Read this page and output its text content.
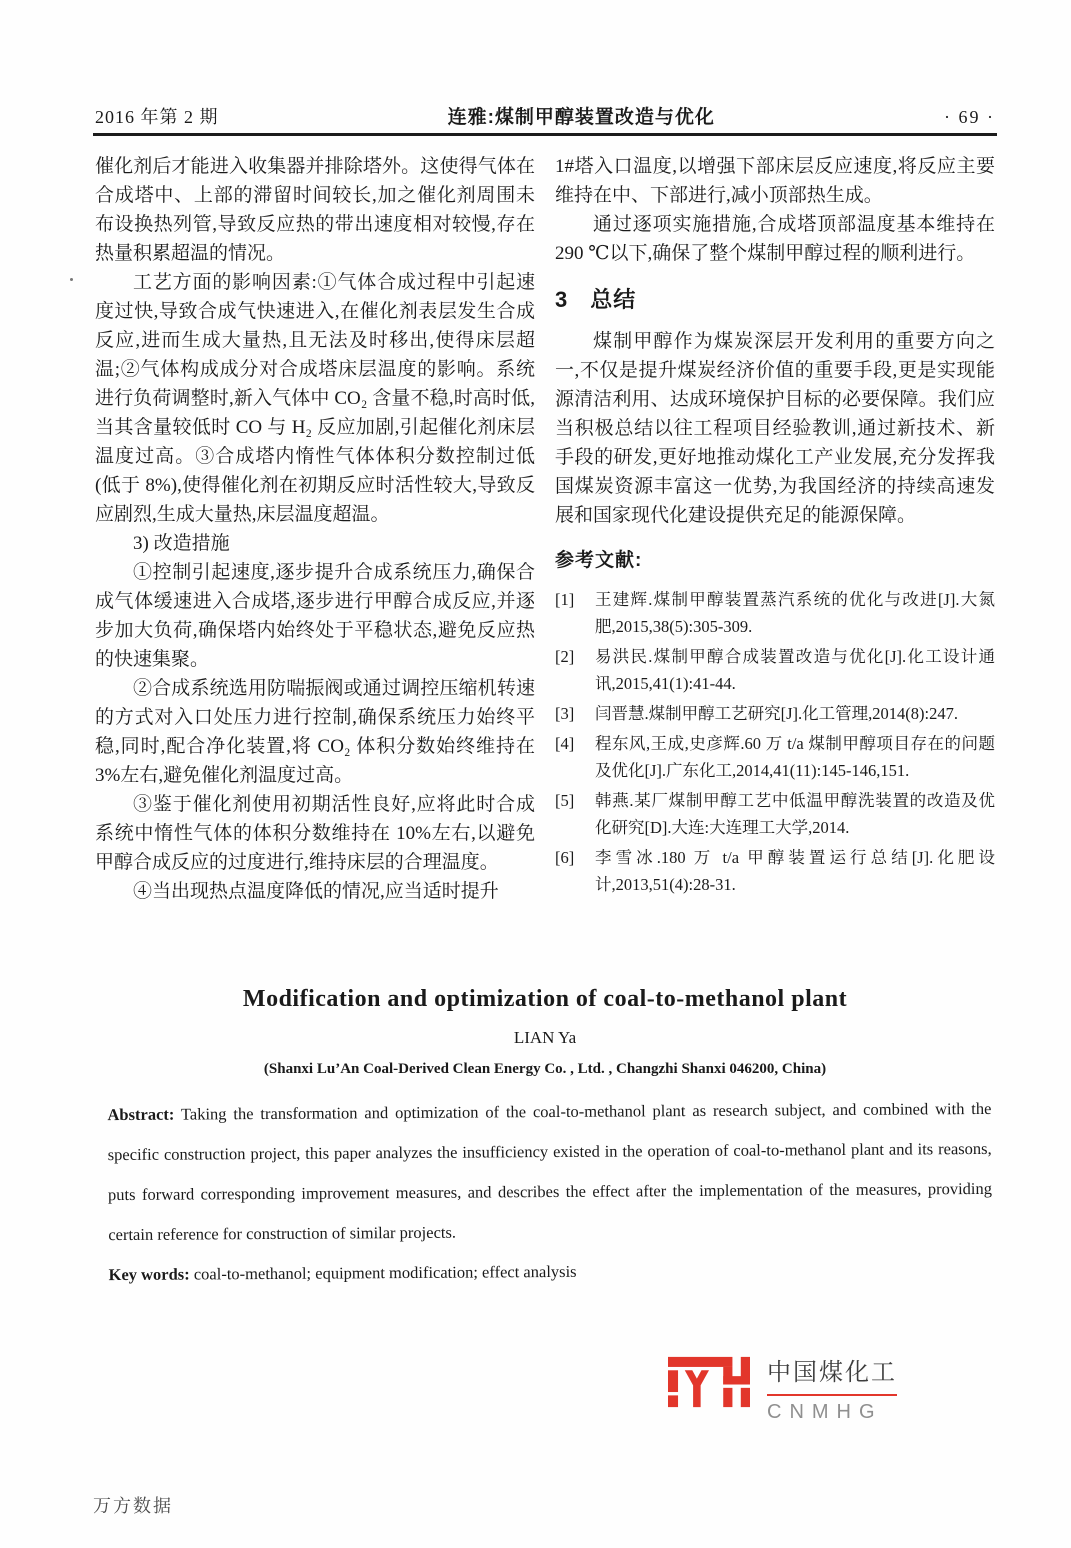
2016 年第 2 期	连雅:煤制甲醇装置改造与优化	· 69 ·

催化剂后才能进入收集器并排除塔外。这使得气体在合成塔中、上部的滞留时间较长,加之催化剂周围未布设换热列管,导致反应热的带出速度相对较慢,存在热量积累超温的情况。

工艺方面的影响因素:①气体合成过程中引起速度过快,导致合成气快速进入,在催化剂表层发生合成反应,进而生成大量热,且无法及时移出,使得床层超温;②气体构成成分对合成塔床层温度的影响。系统进行负荷调整时,新入气体中 CO₂ 含量不稳,时高时低,当其含量较低时 CO 与 H₂ 反应加剧,引起催化剂床层温度过高。③合成塔内惰性气体体积分数控制过低(低于 8%),使得催化剂在初期反应时活性较大,导致反应剧烈,生成大量热,床层温度超温。

3) 改造措施

①控制引起速度,逐步提升合成系统压力,确保合成气体缓速进入合成塔,逐步进行甲醇合成反应,并逐步加大负荷,确保塔内始终处于平稳状态,避免反应热的快速集聚。

②合成系统选用防喘振阀或通过调控压缩机转速的方式对入口处压力进行控制,确保系统压力始终平稳,同时,配合净化装置,将 CO₂ 体积分数始终维持在 3%左右,避免催化剂温度过高。

③鉴于催化剂使用初期活性良好,应将此时合成系统中惰性气体的体积分数维持在 10%左右,以避免甲醇合成反应的过度进行,维持床层的合理温度。

④当出现热点温度降低的情况,应当适时提升

1#塔入口温度,以增强下部床层反应速度,将反应主要维持在中、下部进行,减小顶部热生成。

通过逐项实施措施,合成塔顶部温度基本维持在 290 ℃以下,确保了整个煤制甲醇过程的顺利进行。

3 总结

煤制甲醇作为煤炭深层开发利用的重要方向之一,不仅是提升煤炭经济价值的重要手段,更是实现能源清洁利用、达成环境保护目标的必要保障。我们应当积极总结以往工程项目经验教训,通过新技术、新手段的研发,更好地推动煤化工产业发展,充分发挥我国煤炭资源丰富这一优势,为我国经济的持续高速发展和国家现代化建设提供充足的能源保障。

参考文献:
[1]	王建辉.煤制甲醇装置蒸汽系统的优化与改进[J].大氮肥,2015,38(5):305-309.
[2]	易洪民.煤制甲醇合成装置改造与优化[J].化工设计通讯,2015,41(1):41-44.
[3]	闫晋慧.煤制甲醇工艺研究[J].化工管理,2014(8):247.
[4]	程东风,王成,史彦辉.60 万 t/a 煤制甲醇项目存在的问题及优化[J].广东化工,2014,41(11):145-146,151.
[5]	韩燕.某厂煤制甲醇工艺中低温甲醇洗装置的改造及优化研究[D].大连:大连理工大学,2014.
[6]	李雪冰.180 万 t/a 甲醇装置运行总结[J].化肥设计,2013,51(4):28-31.
Modification and optimization of coal-to-methanol plant
LIAN Ya
(Shanxi Lu’An Coal-Derived Clean Energy Co. , Ltd. , Changzhi Shanxi 046200, China)

Abstract: Taking the transformation and optimization of the coal-to-methanol plant as research subject, and combined with the specific construction project, this paper analyzes the insufficiency existed in the operation of coal-to-methanol plant and its reasons, puts forward corresponding improvement measures, and describes the effect after the implementation of the measures, providing certain reference for construction of similar projects.

Key words: coal-to-methanol; equipment modification; effect analysis

中国煤化工
CNMHG
万方数据
